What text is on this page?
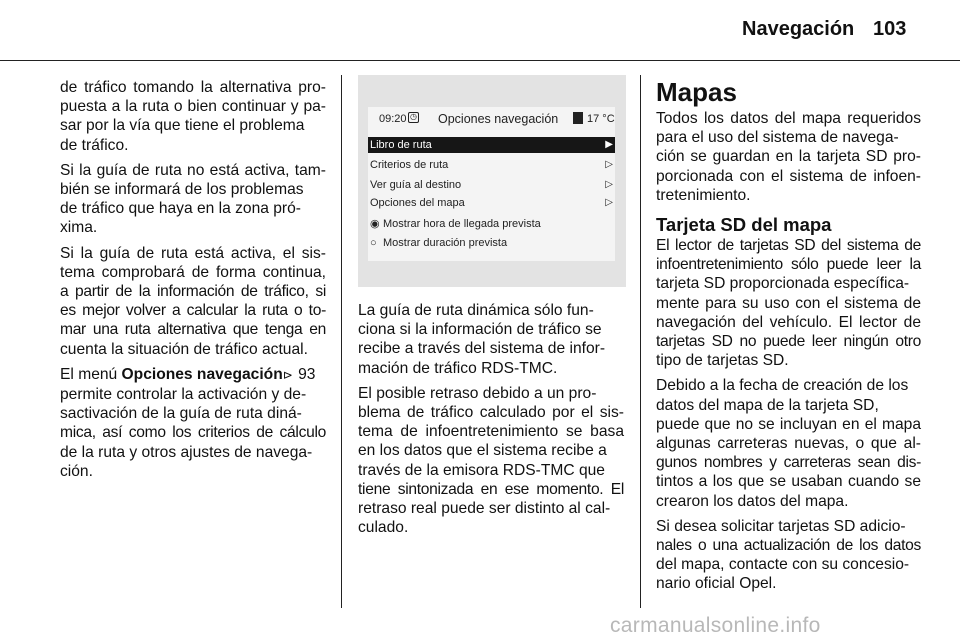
Navegación 103

de tráfico tomando la alternativa pro-
puesta a la ruta o bien continuar y pa-
sar por la vía que tiene el problema
de tráfico.

Si la guía de ruta no está activa, tam-
bién se informará de los problemas
de tráfico que haya en la zona pró-
xima.

Si la guía de ruta está activa, el sis-
tema comprobará de forma continua,
a partir de la información de tráfico, si
es mejor volver a calcular la ruta o to-
mar una ruta alternativa que tenga en
cuenta la situación de tráfico actual.

El menú Opciones navegación⊳ 93
permite controlar la activación y de-
sactivación de la guía de ruta diná-
mica, así como los criterios de cálculo
de la ruta y otros ajustes de navega-
ción.

09:20 ◷ Opciones navegación	17 °C
Libro de ruta	▶
Criterios de ruta	▷
Ver guía al destino	▷
Opciones del mapa	▷
◉ Mostrar hora de llegada prevista
○ Mostrar duración prevista

La guía de ruta dinámica sólo fun-
ciona si la información de tráfico se
recibe a través del sistema de infor-
mación de tráfico RDS-TMC.

El posible retraso debido a un pro-
blema de tráfico calculado por el sis-
tema de infoentretenimiento se basa
en los datos que el sistema recibe a
través de la emisora RDS-TMC que
tiene sintonizada en ese momento. El
retraso real puede ser distinto al cal-
culado.

Mapas

Todos los datos del mapa requeridos
para el uso del sistema de navega-
ción se guardan en la tarjeta SD pro-
porcionada con el sistema de infoen-
tretenimiento.

Tarjeta SD del mapa

El lector de tarjetas SD del sistema de
infoentretenimiento sólo puede leer la
tarjeta SD proporcionada específica-
mente para su uso con el sistema de
navegación del vehículo. El lector de
tarjetas SD no puede leer ningún otro
tipo de tarjetas SD.

Debido a la fecha de creación de los
datos del mapa de la tarjeta SD,
puede que no se incluyan en el mapa
algunas carreteras nuevas, o que al-
gunos nombres y carreteras sean dis-
tintos a los que se usaban cuando se
crearon los datos del mapa.

Si desea solicitar tarjetas SD adicio-
nales o una actualización de los datos
del mapa, contacte con su concesio-
nario oficial Opel.

carmanualsonline.info
